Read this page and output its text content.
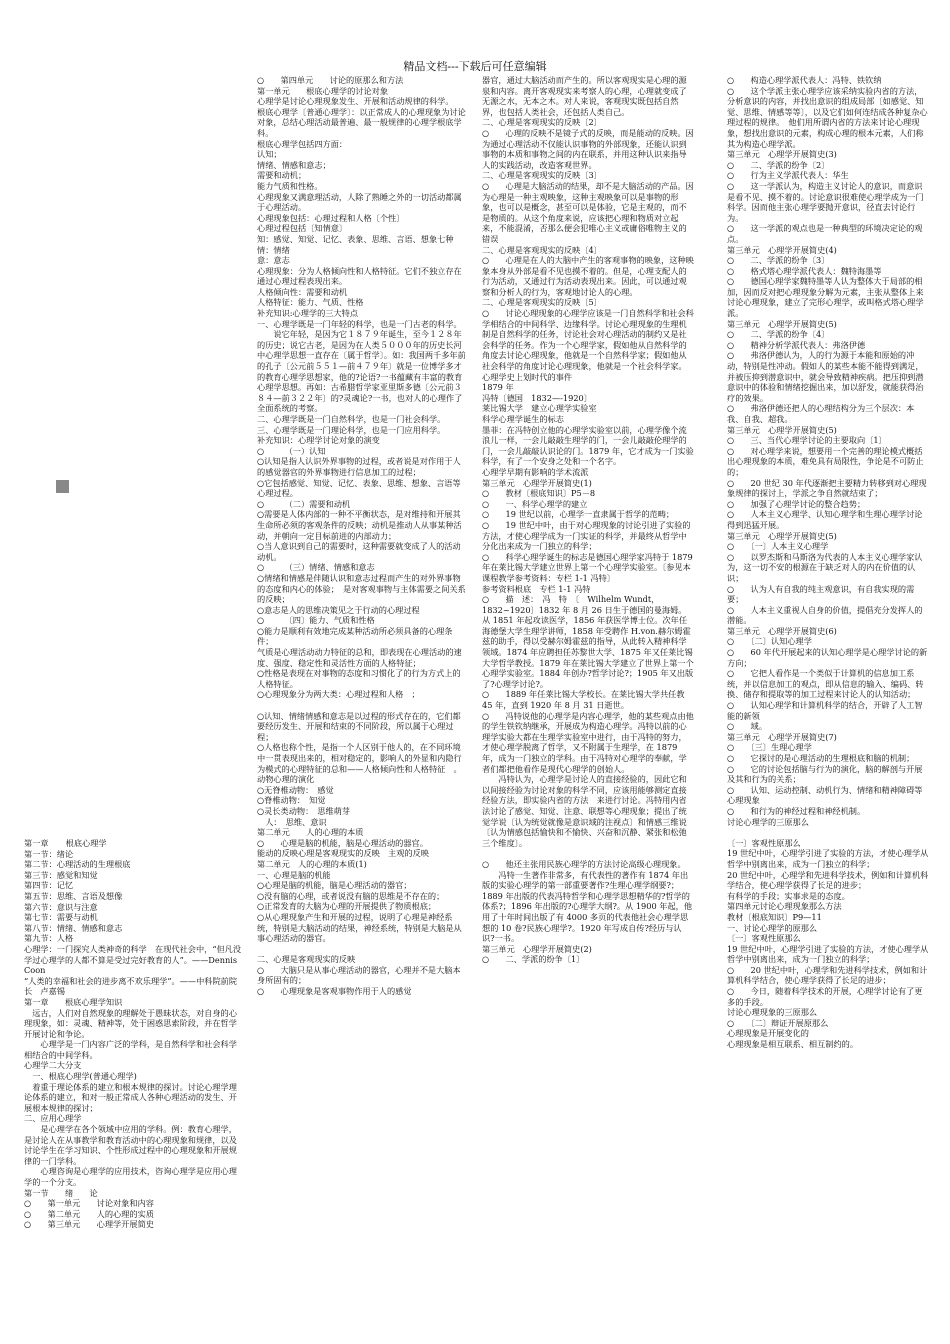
精品文档---下载后可任意编辑

第一章	根底心理学

第一节：绪论

第二节：心理活动的生理根底

第三节：感觉和知觉

第四节：记忆

第五节：思维、言语及想像

第六节：意识与注意

第七节：需要与动机

第八节：情绪、情感和意志

第九节：人格

心理学：一门探究人类神奇的科学　在现代社会中，“但凡没学过心理学的人都不算是受过完好教育的人”。——Dennis　Coon

“人类的幸福和社会的进步离不欢乐理学”。——中科院前院长　卢嘉锡

第一章　　根底心理学知识

　远古，人们对自然现象的理解处于愚昧状态，对自身的心理现象，如：灵魂、精神等，处于困惑思索阶段，并在哲学开展讨论和争论。

　　心理学是一门内容广泛的学科，是自然科学和社会科学相结合的中间学科。

心理学二大分支

　一、根底心理学(普通心理学)

　着重于理论体系的建立和根本规律的探讨。讨论心理学理论体系的建立，和对一般正常成人各种心理活动的发生、开展根本规律的探讨；

二、应用心理学

　　是心理学在各个领域中应用的学科。例：教育心理学，是讨论人在从事教学和教育活动中的心理现象和规律，以及讨论学生在学习知识、个性形成过程中的心理现象和开展规律的一门学科。

　　心理咨询是心理学的应用技术，咨询心理学是应用心理学的一个分支。

第一节　　绪　　论

○　　第一单元　　讨论对象和内容

○　　第二单元　　人的心理的实质

○　　第三单元　　心理学开展简史

○　　第四单元　　讨论的原那么和方法

第一单元　　根底心理学的讨论对象

心理学是讨论心理现象发生、开展和活动规律的科学。

根底心理学〔普通心理学〕：以正常成人的心理现象为讨论对象，总结心理活动最普遍、最一般规律的心理学根底学科。

根底心理学包括四方面：

认知；

情绪、情感和意志；

需要和动机；

能力气质和性格。

心理现象又满意理活动，人除了熟睡之外的一切活动都属于心理活动。

心理现象包括：心理过程和人格〔个性〕

心理过程包括〔知情意〕

知：感觉、知觉、记忆、表象、思维、言语、想象七种

情：情绪

意：意志

心理现象：分为人格倾向性和人格特征。它们不独立存在通过心理过程表现出来。

人格倾向性：需要和动机

人格特征：能力、气质、性格

补充知识:心理学的三大特点

一、心理学既是一门年轻的科学，也是一门古老的科学。

　　说它年轻，是因为它１８７９年诞生，至今１２８年的历史；说它古老，是因为在人类５０００年的历史长河中心理学思想一直存在〔属于哲学〕。如：我国两千多年前的孔子〔公元前５５１—前４７９年〕就是一位博学多才的教育心理学思想家，他的?论语?一书蕴藏有丰富的教育心理学思想。再如：古希腊哲学家亚里斯多德〔公元前３８４—前３２２年〕的?灵魂论?一书，也对人的心理作了全面系统的考察。

二、心理学既是一门自然科学，也是一门社会科学。

三、心理学既是一门理论科学，也是一门应用科学。

补充知识：心理学讨论对象的演变

○　　　（一）认知

○认知是指人认识外界事物的过程，或者说是对作用于人的感觉器官的外界事物进行信息加工的过程；

○它包括感觉、知觉、记忆、表象、思维、想象、言语等心理过程。

○　　　（二）需要和动机

○需要是人体内部的一种不平衡状态，是对维持和开展其生命所必须的客观条件的反映；动机是推动人从事某种活动，并朝向一定目标前进的内部动力；

○当人意识到自己的需要时，这种需要就变成了人的活动动机。

○　　　（三）情绪、情感和意志

○情绪和情感是伴随认识和意志过程而产生的对外界事物的态度和内心的体验；　是对客观事物与主体需要之间关系的反映；

○意志是人的思维决策见之于行动的心理过程

○　　　〔四〕能力、气质和性格

○能力是顺利有效地完成某种活动所必须具备的心理条件；

气质是心理活动动力特征的总和，即表现在心理活动的速度、强度、稳定性和灵活性方面的人格特征；

○性格是表现在对事物的态度和习惯化了的行为方式上的人格特征。

○心理现象分为两大类：心理过程和人格　；

○认知、情绪情感和意志是以过程的形式存在的，它们都要经历发生、开展和结束的不同阶段，所以属于心理过程；

○人格也称个性，是指一个人区别于他人的，在不同环境中一贯表现出来的，相对稳定的，影响人的外显和内隐行为模式的心理特征的总和——人格倾向性和人格特征　。

动物心理的演化

○无脊椎动物：　感觉

○脊椎动物：　知觉

○灵长类动物：　思维萌芽

　人：　思维、意识

第二单元　　人的心理的本质

○　　心理是脑的机能，脑是心理活动的器官。

能动的反映心理是客观现实的反映　主观的反映

第二单元　人的心理的本质(1)

一、心理是脑的机能

○心理是脑的机能，脑是心理活动的器官；

○没有脑的心理，或者说没有脑的思维是不存在的；

○正常发育的大脑为心理的开展提供了物质根底；

○从心理现象产生和开展的过程，说明了心理是神经系统，特别是大脑活动的结果，神经系统，特别是大脑是从事心理活动的器官。

二、心理是客观现实的反映

○　　大脑只是从事心理活动的器官，心理并不是大脑本身所固有的；

○　　心理现象是客观事物作用于人的感觉

器官，通过大脑活动而产生的。所以客观现实是心理的源泉和内容。离开客观现实来考察人的心理，心理就变成了无源之水，无本之木。对人来说，客观现实既包括自然界，也包括人类社会，还包括人类自己。

二、心理是客观现实的反映〔2〕

○　　心理的反映不是镜子式的反映，而是能动的反映。因为通过心理活动不仅能认识事物的外部现象，还能认识到事物的本质和事物之间的内在联系，并用这种认识来指导人的实践活动，改造客观世界。

二、心理是客观现实的反映〔3〕

○　　心理是大脑活动的结果，却不是大脑活动的产品。因为心理是一种主观映象，这种主观映象可以是事物的形象，也可以是概念，甚至可以是体验，它是主观的，而不是物质的。从这个角度来说，应该把心理和物质对立起来，不能混淆，否那么便会犯唯心主义或庸俗唯物主义的错误

二、心理是客观现实的反映〔4〕

○　　心理是在人的大脑中产生的客观事物的映象，这种映象本身从外部是看不见也摸不着的。但是，心理支配人的行为活动，又通过行为活动表现出来。因此，可以通过观察和分析人的行为，客观地讨论人的心理。

二、心理是客观现实的反映〔5〕

○　　讨论心理现象的心理学应该是一门自然科学和社会科学相结合的中间科学、边缘科学。讨论心理现象的生理机制是自然科学的任务，讨论社会对心理活动的制约又是社会科学的任务。作为一个心理学家，假如他从自然科学的角度去讨论心理现象，他就是一个自然科学家；假如他从社会科学的角度讨论心理现象，他就是一个社会科学家。

心理学史上划时代的事件

1879 年

冯特〔德国　1832—-1920〕

莱比锡大学　建立心理学实验室

科学心理学诞生的标志

墨菲：在冯特创立他的心理学实验室以前，心理学像个流浪儿一样，一会儿敲敲生理学的门，一会儿敲敲伦理学的门，一会儿敲敲认识论的门。1879 年，它才成为一门实验科学，有了一个安身之处和一个名字。

心理学早期有影响的学术流派

第三单元　心理学开展简史(1)

○　　教材〔根底知识〕P5－8

○　　一、科学心理学的建立

○　　19 世纪以前，心理学一直隶属于哲学的范畴；

○　　19 世纪中叶，由于对心理现象的讨论引进了实验的方法，才使心理学成为一门实证的科学，并最终从哲学中分化出来成为一门独立的科学；

○　　科学心理学诞生的标志是德国心理学家冯特于 1879 年在莱比锡大学建立世界上第一个心理学实验室。〔参见本课程教学参考资料：专栏 1-1 冯特〕

参考资料根底　专栏 1-1 冯特

○　　描　述：　冯　特　〔　Wilhelm Wundt，1832~1920〕1832 年 8 月 26 日生于德国的曼海姆。从 1851 年起攻读医学，1856 年获医学博士位。次年任海德堡大学生理学讲师，1858 年受聘作 H.von.赫尔姆霍兹的助手，得以受赫尔姆霍兹的指导，从此转入精神科学领域。1874 年应聘担任苏黎世大学、1875 年又任莱比锡大学哲学教授。1879 年在莱比锡大学建立了世界上第一个心理学实验室。1884 年创办?哲学讨论?；1905 年又出版了?心理学讨论?。

○　　1889 年任莱比锡大学校长。在莱比锡大学共任教 45 年，直到 1920 年 8 月 31 日逝世。

○　　冯特说他的心理学是内容心理学，他的某些观点由他的学生铁钦纳继承，开展成为构造心理学。冯特以前的心理学实验大都在生理学实验室中进行，由于冯特的努力，才使心理学脱离了哲学，又不附属于生理学，在 1879 年，成为一门独立的学科。由于冯特对心理学的奉献，学者们都把他看作是现代心理学的创始人。

　　冯特认为，心理学是讨论人的直接经验的，因此它和以间接经验为讨论对象的科学不同，应该用能够测定直接经验方法，即实验内省的方法　来进行讨论。冯特用内省法讨论了感觉、知觉、注意、联想等心理现象；提出了统觉学说〔认为统觉就像是意识域的注视点〕和情感三维说〔认为情感包括愉快和不愉快、兴奋和沉静、紧张和松弛三个维度〕。

○　　他还主张用民族心理学的方法讨论高级心理现象。

　　冯特一生著作非常多，有代表性的著作有 1874 年出版的实验心理学的第一部重要著作?生理心理学纲要?；1889 年出版的代表冯特哲学和心理学思想精华的?哲学的体系?；1896 年出版的?心理学大纲?。从 1900 年起，他用了十年时间出版了有 4000 多页的代表他社会心理学思想的 10 卷?民族心理学?。1920 年写成自传?经历与认识?一书。

第三单元　心理学开展简史(2)

○　　二、学派的纷争〔1〕

○　　构造心理学派代表人：冯特、铁钦纳

○　　这个学派主张心理学应该采纳实验内省的方法，分析意识的内容，并找出意识的组成局部〔如感觉、知觉、思维、情感等等〕，以及它们如何连结成各种复杂心理过程的规律。　他们用所谓内省的方法来讨论心理现象，想找出意识的元素，构成心理的根本元素，人们称其为构造心理学派。

第三单元　心理学开展简史(3)

○　　二、学派的纷争〔2〕

○　　行为主义学派代表人：华生

○　　这一学派认为，构造主义讨论人的意识，而意识是看不见、摸不着的。讨论意识很难使心理学成为一门科学。因而他主张心理学要抛开意识，径直去讨论行为。

○　　这一学派的观点也是一种典型的环境决定论的观点。

第三单元　心理学开展简史(4)

○　　二、学派的纷争〔3〕

○　　格式塔心理学派代表人：魏特海墨等

○　　德国心理学家魏特墨等人认为整体大于局部的相加，因而反对把心理现象分解为元素，主张从整体上来讨论心理现象，建立了完形心理学，或叫格式塔心理学派。

第三单元　心理学开展简史(5)

○　　二、学派的纷争〔4〕

○　　精神分析学派代表人：弗洛伊德

○　　弗洛伊德认为，人的行为源于本能和原始的冲动，特别是性冲动。假如人的某些本能不能得到满足，并被压抑到潜意识中，就会导致精神疾病。把压抑到潜意识中的体验和情绪挖掘出来，加以舒发，就能获得治疗的效果。

○　　弗洛伊德还把人的心理结构分为三个层次：本我、自我、超我。

第三单元　心理学开展简史(5)

○　　三、当代心理学讨论的主要取向〔1〕

○　　对心理学来说，想要用一个完善的理论模式概括出心理现象的本质，难免具有局限性，争论是不可防止的；

○　　20 世纪 30 年代逐渐把主要精力转移到对心理现象规律的探讨上，学派之争自然就结束了；

○　　加强了心理学讨论的整合趋势；

○　　人本主义心理学、认知心理学和生理心理学讨论得到迅猛开展。

第三单元　心理学开展简史(5)

○　　〔一〕人本主义心理学

○　　以罗杰斯和马斯洛为代表的人本主义心理学家认为，这一切不安的根源在于缺乏对人的内在价值的认识；

○　　认为人有自我的纯主观意识，有自我实现的需要；

○　　人本主义重视人自身的价值，提倡充分发挥人的潜能。

第三单元　心理学开展简史(6)

○　　〔二〕认知心理学

○　　60 年代开展起来的认知心理学是心理学讨论的新方向；

○　　它把人看作是一个类似于计算机的信息加工系统，并以信息加工的观点，即从信息的输入、编码、转换、储存和提取等的加工过程来讨论人的认知活动；

○　　认知心理学和计算机科学的结合，开辟了人工智能的新领

○　　域。

第三单元　心理学开展简史(7)

○　　〔三〕生理心理学

○　　它探讨的是心理活动的生理根底和脑的机制；

○　　它的讨论包括脑与行为的演化，脑的解剖与开展及其和行为的关系；

○　　认知、运动控制、动机行为、情绪和精神障碍等心理现象

○　　和行为的神经过程和神经机制。

讨论心理学的三原那么

〔一〕客观性原那么

19 世纪中叶，心理学引进了实验的方法，才使心理学从哲学中别离出来，成为一门独立的科学；

20 世纪中叶，心理学和先进科学技术，例如和计算机科学结合，使心理学获得了长足的进步；

有科学的手段；实事求是的态度。

第四单元讨论心理现象那么方法

教材〔根底知识〕P9—11

一、讨论心理学的原那么

〔一〕客观性原那么

19 世纪中叶，心理学引进了实验的方法，才使心理学从哲学中别离出来，成为一门独立的科学；

○　　20 世纪中叶，心理学和先进科学技术，例如和计算机科学结合，使心理学获得了长足的进步；

○　　今日，随着科学技术的开展，心理学讨论有了更多的手段。

讨论心理现象的三原那么

○　　〔二〕辩证开展原那么

心理现象是开展变化的

心理现象是相互联系、相互制约的。
